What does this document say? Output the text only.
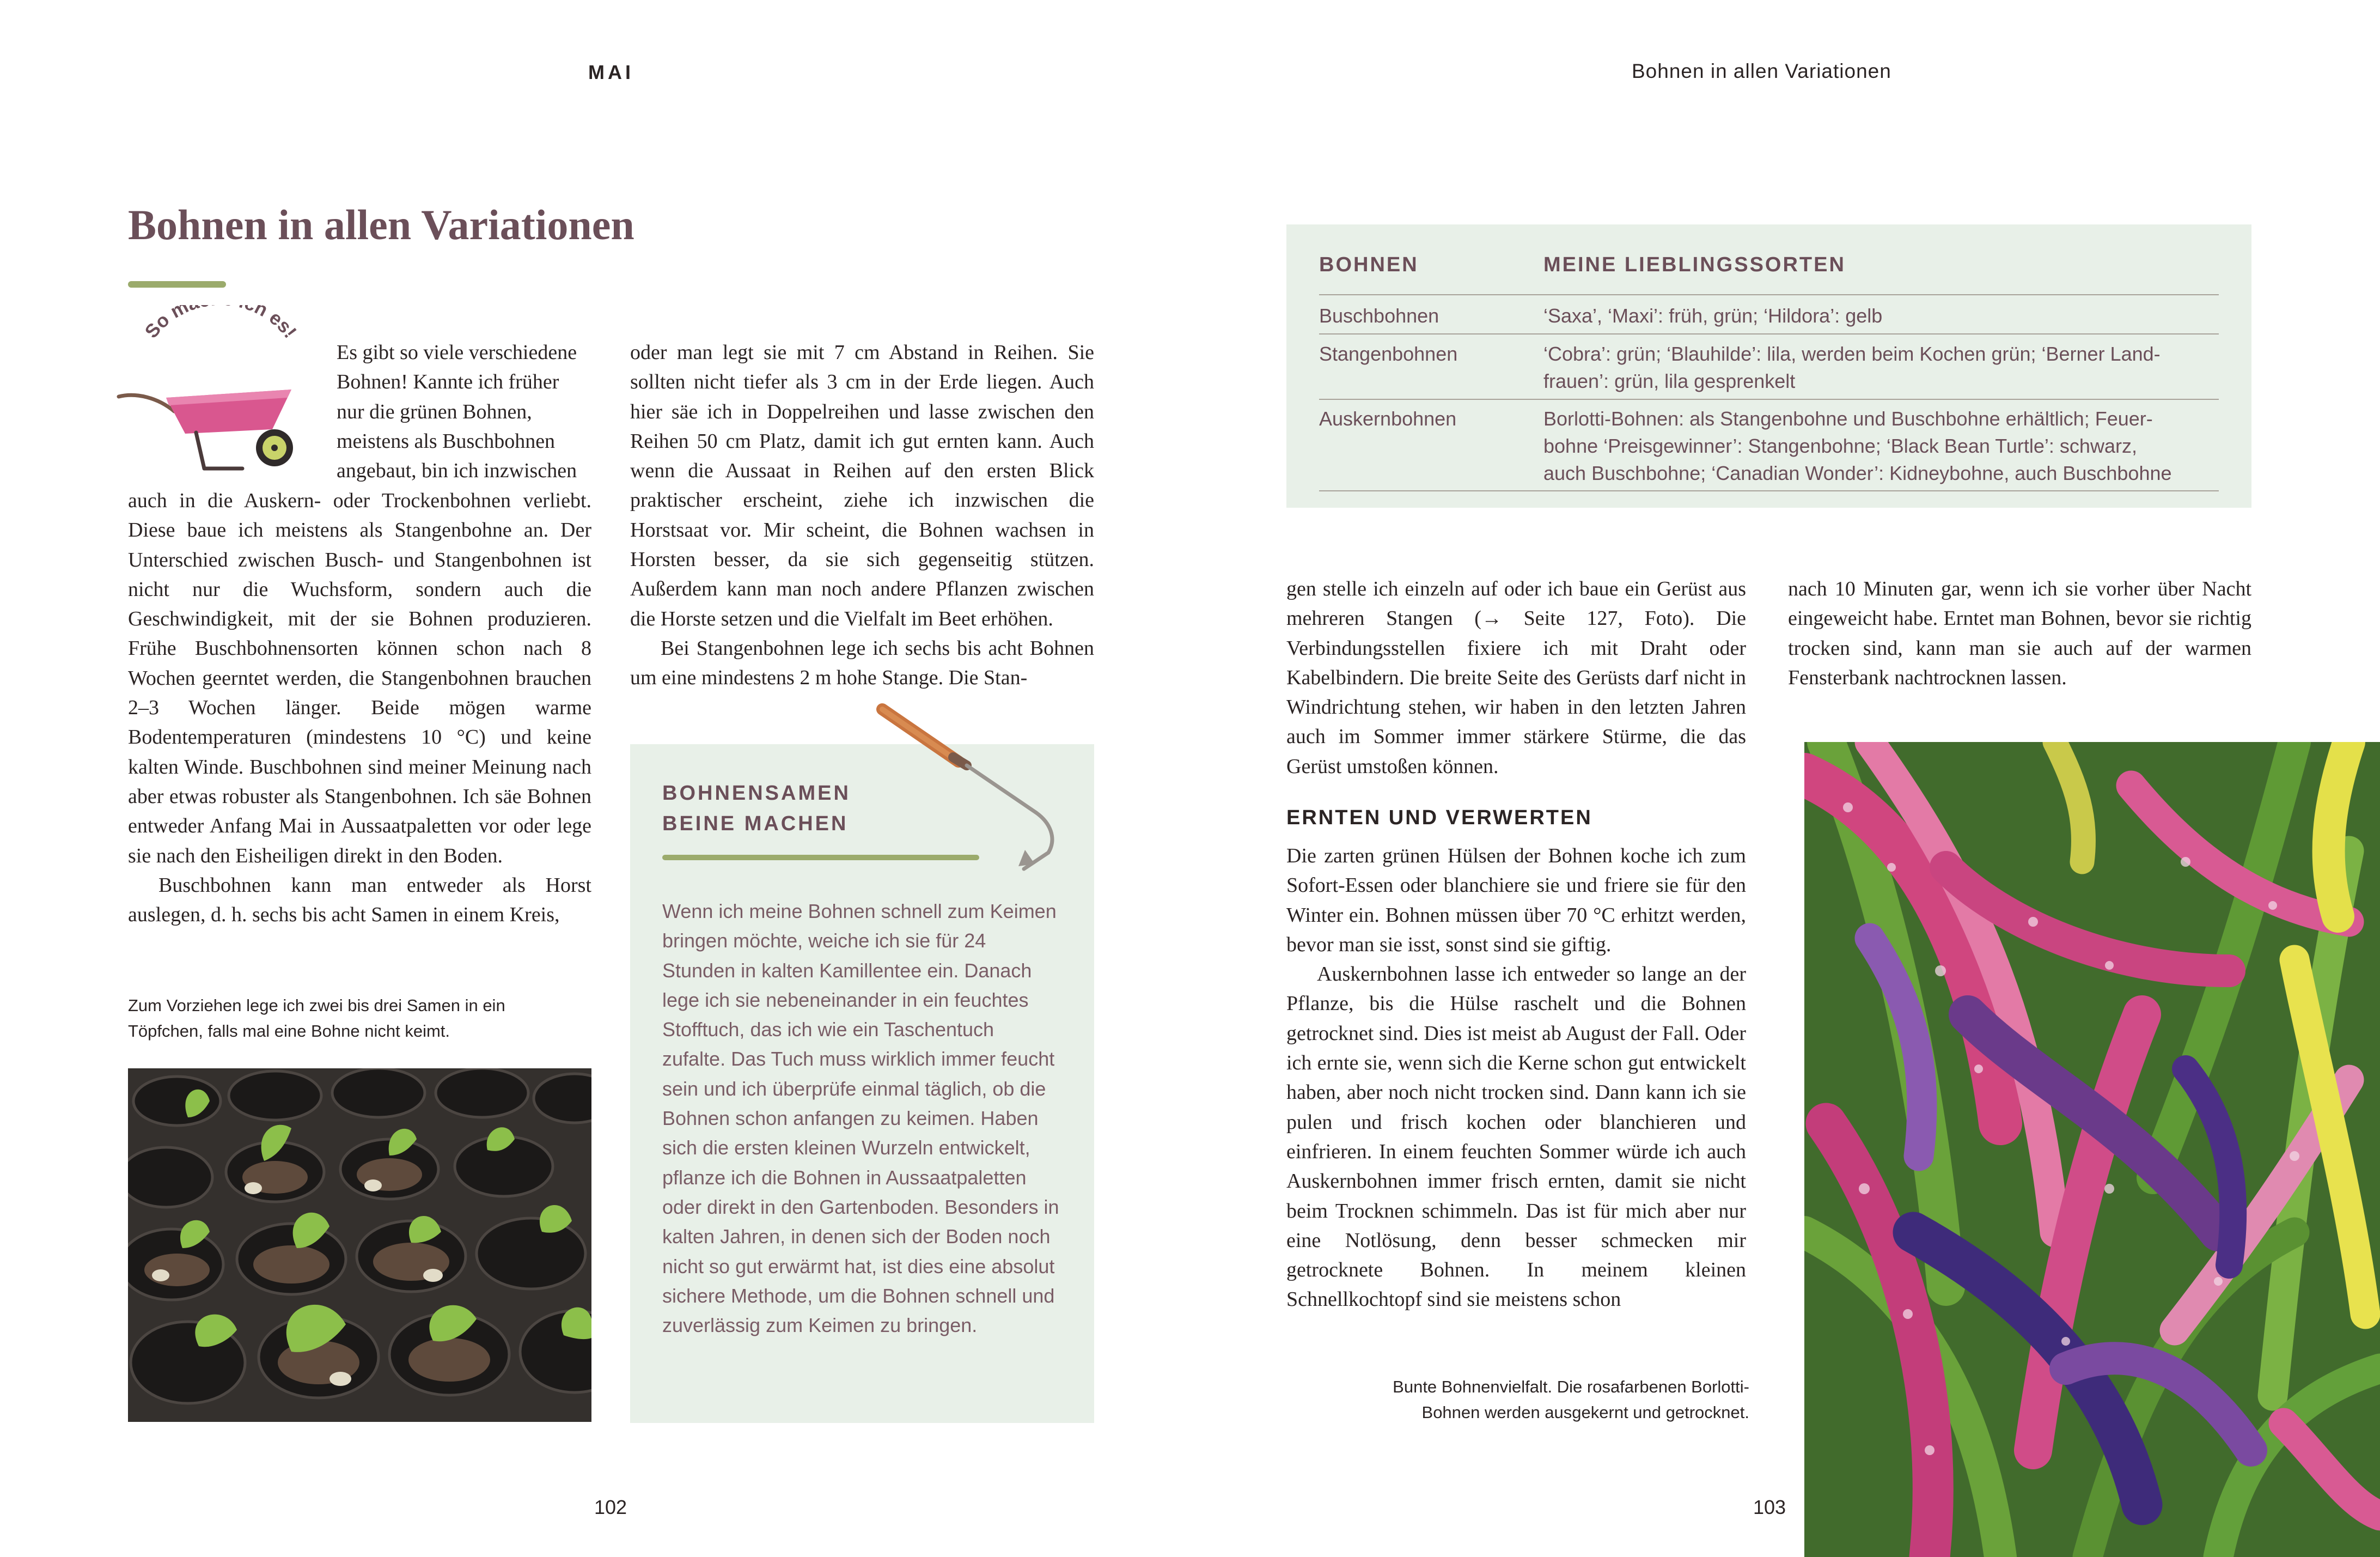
MAI	Bohnen in allen Variationen
Bohnen in allen Variationen
So m h es!
Es gibt so viele verschiedene
Bohnen! Kannte ich früher
nur die grünen Bohnen,
meistens als Buschbohnen
angebaut, bin ich inzwischen

auch in die Auskern- oder Trockenbohnen verliebt. Diese baue ich meistens als Stangenbohne an. Der Unterschied zwischen Busch- und Stangenbohnen ist nicht nur die Wuchsform, sondern auch die Geschwindigkeit, mit der sie Bohnen produzieren. Frühe Buschbohnensorten können schon nach 8 Wochen geerntet werden, die Stangenbohnen brauchen 2–3 Wochen länger. Beide mögen warme Bodentemperaturen (mindestens 10 °C) und keine kalten Winde. Buschbohnen sind meiner Meinung nach aber etwas robuster als Stangenbohnen. Ich säe Bohnen entweder Anfang Mai in Aussaatpaletten vor oder lege sie nach den Eisheiligen direkt in den Boden.

Buschbohnen kann man entweder als Horst auslegen, d. h. sechs bis acht Samen in einem Kreis,

oder man legt sie mit 7 cm Abstand in Reihen. Sie sollten nicht tiefer als 3 cm in der Erde liegen. Auch hier säe ich in Doppelreihen und lasse zwischen den Reihen 50 cm Platz, damit ich gut ernten kann. Auch wenn die Aussaat in Reihen auf den ersten Blick praktischer erscheint, ziehe ich inzwischen die Horstsaat vor. Mir scheint, die Bohnen wachsen in Horsten besser, da sie sich gegenseitig stützen. Außerdem kann man noch andere Pflanzen zwischen die Horste setzen und die Vielfalt im Beet erhöhen.

Bei Stangenbohnen lege ich sechs bis acht Bohnen um eine mindestens 2 m hohe Stange. Die Stan-

Zum Vorziehen lege ich zwei bis drei Samen in ein Töpfchen, falls mal eine Bohne nicht keimt.
BOHNENSAMEN
BEINE MACHEN

Wenn ich meine Bohnen schnell zum Keimen bringen möchte, weiche ich sie für 24 Stunden in kalten Kamillentee ein. Danach lege ich sie nebeneinander in ein feuchtes Stofftuch, das ich wie ein Taschentuch zufalte. Das Tuch muss wirklich immer feucht sein und ich überprüfe einmal täglich, ob die Bohnen schon anfangen zu keimen. Haben sich die ersten kleinen Wurzeln entwickelt, pflanze ich die Bohnen in Aussaatpaletten oder direkt in den Gartenboden. Besonders in kalten Jahren, in denen sich der Boden noch nicht so gut erwärmt hat, ist dies eine absolut sichere Methode, um die Bohnen schnell und zuverlässig zum Keimen zu bringen.

102
BOHNEN	MEINE LIEBLINGSSORTEN
Buschbohnen	‘Saxa’, ‘Maxi’: früh, grün; ‘Hildora’: gelb
Stangenbohnen	‘Cobra’: grün; ‘Blauhilde’: lila, werden beim Kochen grün; ‘Berner Land-
frauen’: grün, lila gesprenkelt
Auskernbohnen	Borlotti-Bohnen: als Stangenbohne und Buschbohne erhältlich; Feuer-
bohne ‘Preisgewinner’: Stangenbohne; ‘Black Bean Turtle’: schwarz,
auch Buschbohne; ‘Canadian Wonder’: Kidneybohne, auch Buschbohne

gen stelle ich einzeln auf oder ich baue ein Gerüst aus mehreren Stangen (→ Seite 127, Foto). Die Verbindungsstellen fixiere ich mit Draht oder Kabelbindern. Die breite Seite des Gerüsts darf nicht in Windrichtung stehen, wir haben in den letzten Jahren auch im Sommer immer stärkere Stürme, die das Gerüst umstoßen können.

ERNTEN UND VERWERTEN

Die zarten grünen Hülsen der Bohnen koche ich zum Sofort-Essen oder blanchiere sie und friere sie für den Winter ein. Bohnen müssen über 70 °C erhitzt werden, bevor man sie isst, sonst sind sie giftig.

Auskernbohnen lasse ich entweder so lange an der Pflanze, bis die Hülse raschelt und die Bohnen getrocknet sind. Dies ist meist ab August der Fall. Oder ich ernte sie, wenn sich die Kerne schon gut entwickelt haben, aber noch nicht trocken sind. Dann kann ich sie pulen und frisch kochen oder blanchieren und einfrieren. In einem feuchten Sommer würde ich auch Auskernbohnen immer frisch ernten, damit sie nicht beim Trocknen schimmeln. Das ist für mich aber nur eine Notlösung, denn besser schmecken mir getrocknete Bohnen. In meinem kleinen Schnellkochtopf sind sie meistens schon

Bunte Bohnenvielfalt. Die rosafarbenen Borlotti-
Bohnen werden ausgekernt und getrocknet.

nach 10 Minuten gar, wenn ich sie vorher über Nacht eingeweicht habe. Erntet man Bohnen, bevor sie richtig trocken sind, kann man sie auch auf der warmen Fensterbank nachtrocknen lassen.

103
